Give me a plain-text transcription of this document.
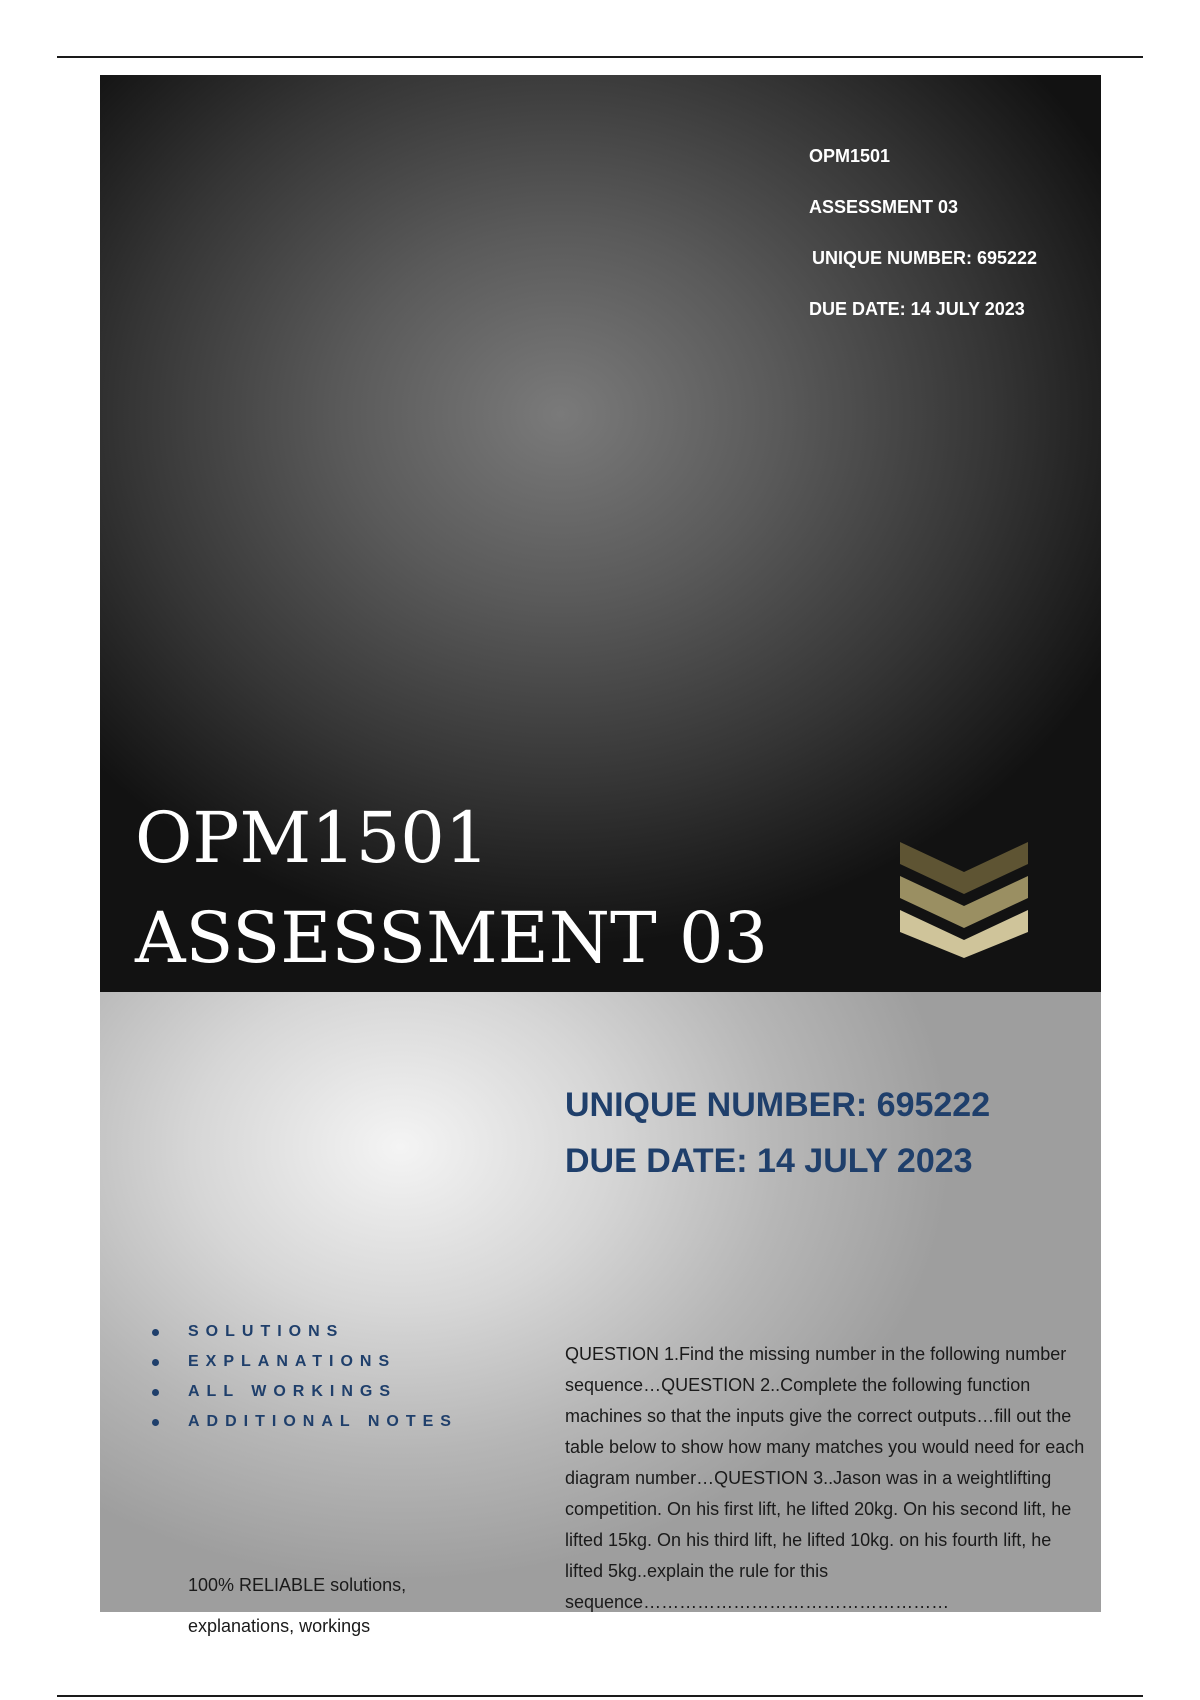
OPM1501
ASSESSMENT 03
UNIQUE NUMBER: 695222
DUE DATE: 14 JULY 2023
OPM1501
ASSESSMENT 03
UNIQUE NUMBER: 695222
DUE DATE: 14 JULY 2023
SOLUTIONS
EXPLANATIONS
ALL WORKINGS
ADDITIONAL NOTES
100% RELIABLE solutions,
explanations, workings

QUESTION 1.Find the missing number in the following number sequence…QUESTION 2..Complete the following function machines so that the inputs give the correct outputs…fill out the table below to show how many matches you would need for each diagram number…QUESTION 3..Jason was in a weightlifting competition. On his first lift, he lifted 20kg. On his second lift, he lifted 15kg. On his third lift, he lifted 10kg. on his fourth lift, he lifted 5kg..explain the rule for this sequence……………………………………………
